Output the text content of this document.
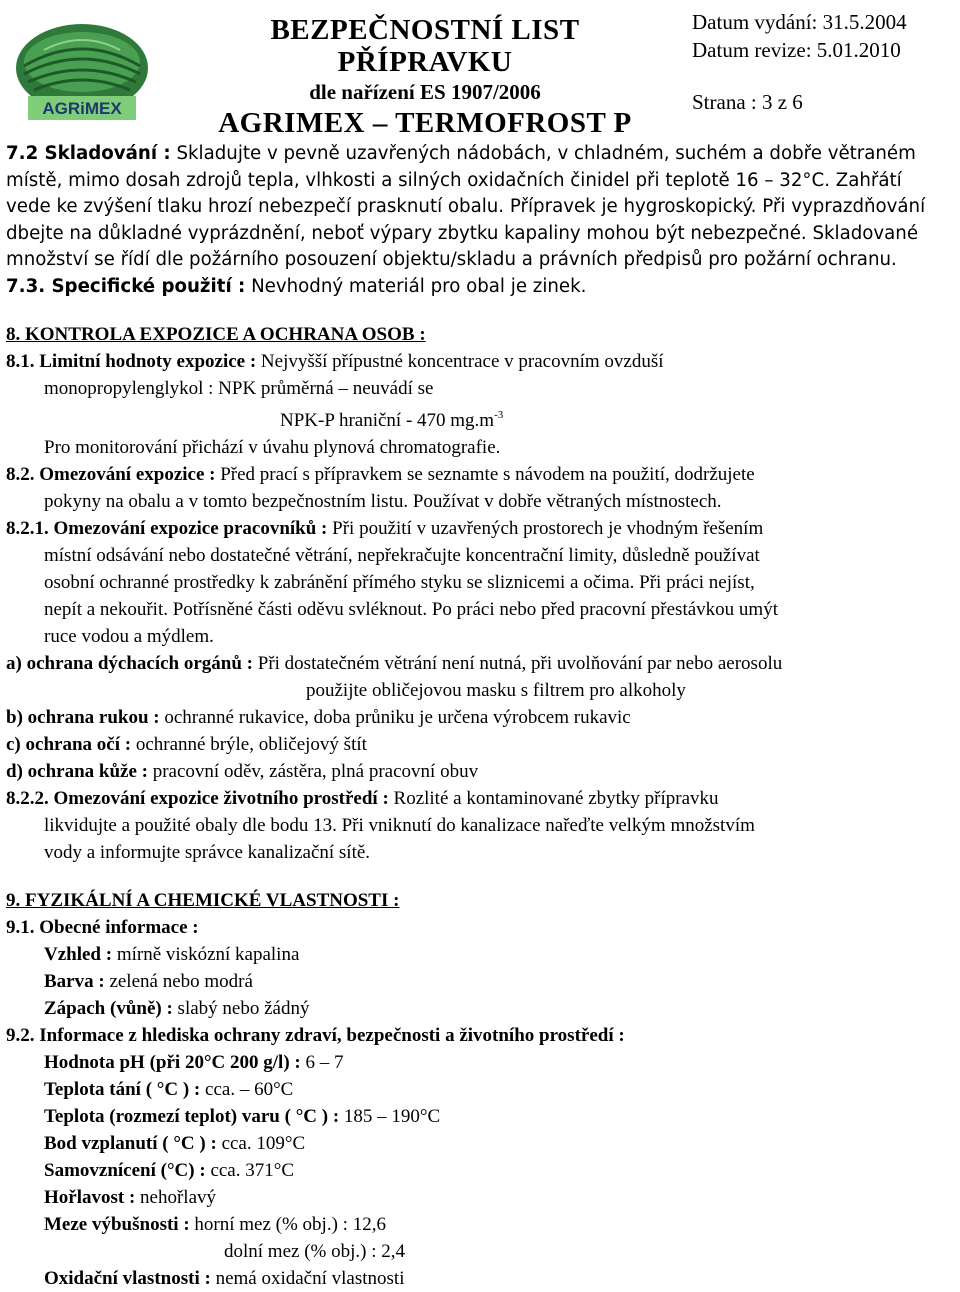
AGRiMEX
BEZPEČNOSTNÍ LIST PŘÍPRAVKU
dle nařízení ES 1907/2006
AGRIMEX – TERMOFROST P
Datum vydání: 31.5.2004
Datum revize: 5.01.2010
Strana : 3 z 6
7.2 Skladování : Skladujte v pevně uzavřených nádobách, v chladném, suchém a dobře větraném
místě, mimo dosah zdrojů tepla, vlhkosti a silných oxidačních činidel při teplotě 16 – 32°C. Zahřátí
vede ke zvýšení tlaku hrozí nebezpečí prasknutí obalu. Přípravek je hygroskopický. Při vyprazdňování
dbejte na důkladné vyprázdnění, neboť výpary zbytku kapaliny mohou být nebezpečné. Skladované
množství se řídí dle požárního posouzení objektu/skladu a právních předpisů pro požární ochranu.
7.3. Specifické použití : Nevhodný materiál pro obal je zinek.
8. KONTROLA EXPOZICE A OCHRANA OSOB :
8.1. Limitní hodnoty expozice : Nejvyšší přípustné koncentrace v pracovním ovzduší
monopropylenglykol : NPK průměrná – neuvádí se
NPK-P hraniční - 470 $mg.m^{-3}$
Pro monitorování přichází v úvahu plynová chromatografie.
8.2. Omezování expozice : Před prací s přípravkem se seznamte s návodem na použití, dodržujete
pokyny na obalu a v tomto bezpečnostním listu. Používat v dobře větraných místnostech.
8.2.1. Omezování expozice pracovníků : Při použití v uzavřených prostorech je vhodným řešením
místní odsávání nebo dostatečné větrání, nepřekračujte koncentrační limity, důsledně používat
osobní ochranné prostředky k zabránění přímého styku se sliznicemi a očima. Při práci nejíst,
nepít a nekouřit. Potřísněné části oděvu svléknout. Po práci nebo před pracovní přestávkou umýt
ruce vodou a mýdlem.
a) ochrana dýchacích orgánů : Při dostatečném větrání není nutná, při uvolňování par nebo aerosolu
použijte obličejovou masku s filtrem pro alkoholy
b) ochrana rukou : ochranné rukavice, doba průniku je určena výrobcem rukavic
c) ochrana očí : ochranné brýle, obličejový štít
d) ochrana kůže : pracovní oděv, zástěra, plná pracovní obuv
8.2.2. Omezování expozice životního prostředí : Rozlité a kontaminované zbytky přípravku
likvidujte a použité obaly dle bodu 13. Při vniknutí do kanalizace nařeďte velkým množstvím
vody a informujte správce kanalizační sítě.
9. FYZIKÁLNÍ A CHEMICKÉ VLASTNOSTI :
9.1. Obecné informace :
Vzhled : mírně viskózní kapalina
Barva : zelená nebo modrá
Zápach (vůně) : slabý nebo žádný
9.2. Informace z hlediska ochrany zdraví, bezpečnosti a životního prostředí :
Hodnota pH (při 20°C 200 g/l) : 6 – 7
Teplota tání ( °C ) : cca. – 60°C
Teplota (rozmezí teplot) varu ( °C ) : 185 – 190°C
Bod vzplanutí ( °C ) : cca. 109°C
Samovznícení (°C) : cca. 371°C
Hořlavost : nehořlavý
Meze výbušnosti : horní mez (% obj.) : 12,6
dolní mez (% obj.) : 2,4
Oxidační vlastnosti : nemá oxidační vlastnosti
